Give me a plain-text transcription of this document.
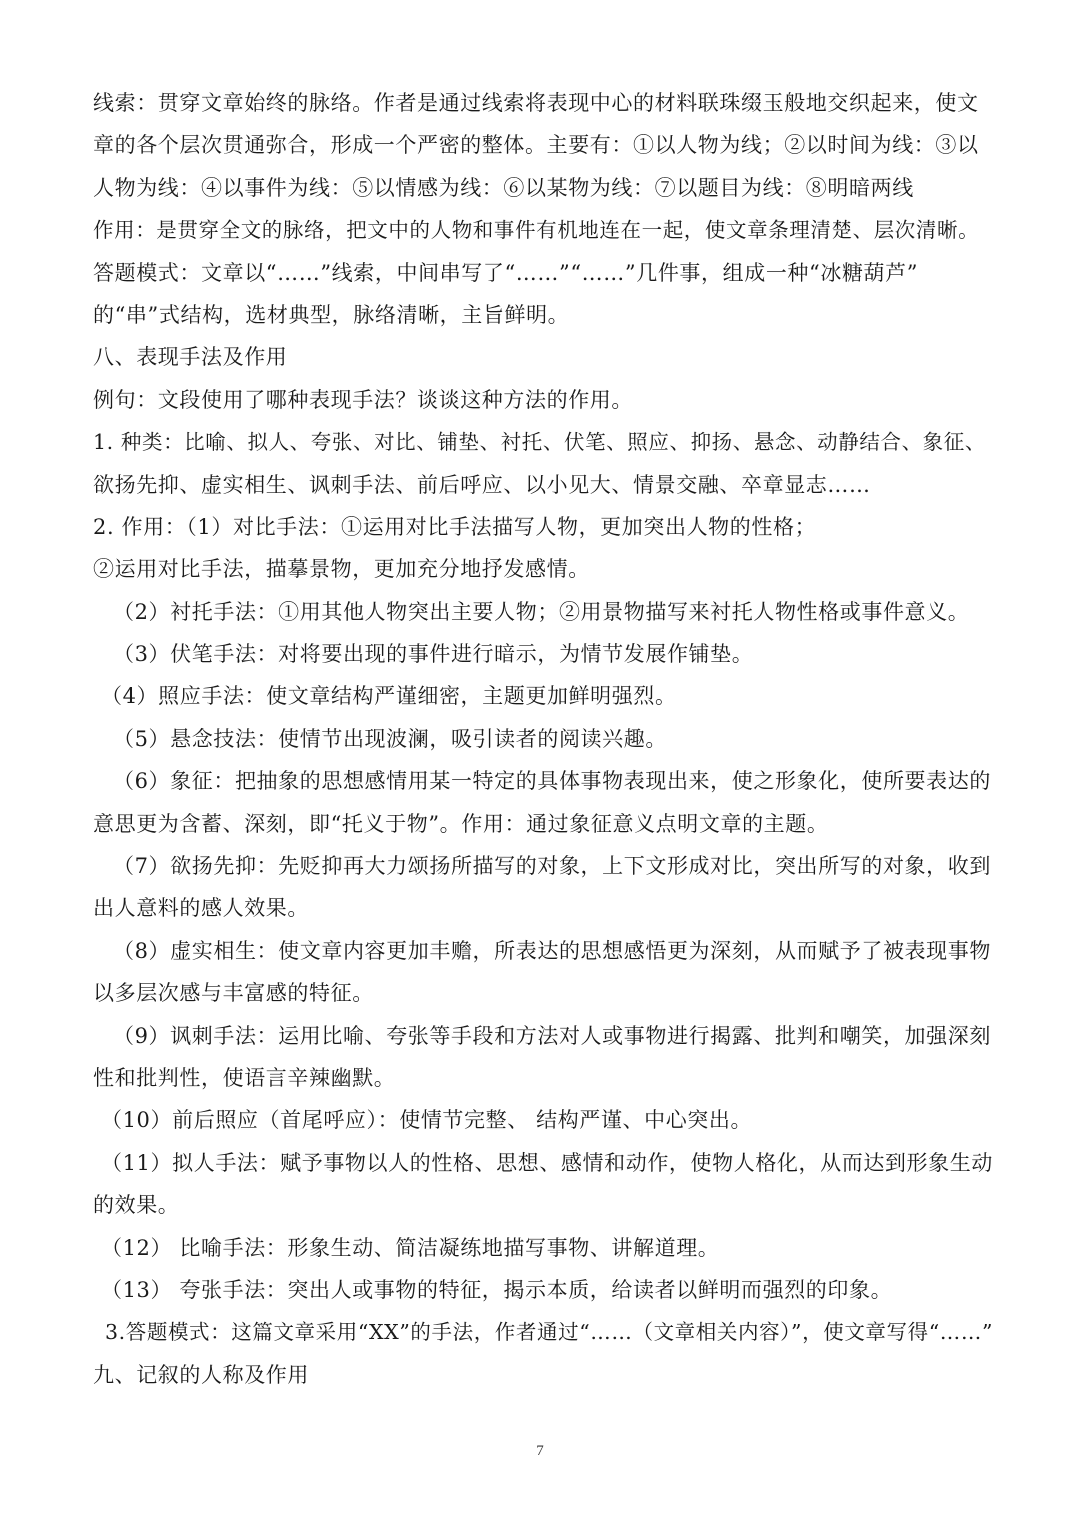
线索：贯穿文章始终的脉络。作者是通过线索将表现中心的材料联珠缀玉般地交织起来，使文
章的各个层次贯通弥合，形成一个严密的整体。主要有：①以人物为线；②以时间为线：③以
人物为线：④以事件为线：⑤以情感为线：⑥以某物为线：⑦以题目为线：⑧明暗两线
作用：是贯穿全文的脉络，把文中的人物和事件有机地连在一起，使文章条理清楚、层次清晰。
答题模式：文章以“……”线索，中间串写了“……”“……”几件事，组成一种“冰糖葫芦”
的“串”式结构，选材典型，脉络清晰，主旨鲜明。
八、表现手法及作用
例句：文段使用了哪种表现手法？谈谈这种方法的作用。
1. 种类：比喻、拟人、夸张、对比、铺垫、衬托、伏笔、照应、抑扬、悬念、动静结合、象征、
欲扬先抑、虚实相生、讽刺手法、前后呼应、以小见大、情景交融、卒章显志……
2. 作用：（1）对比手法：①运用对比手法描写人物，更加突出人物的性格；
②运用对比手法，描摹景物，更加充分地抒发感情。
（2）衬托手法：①用其他人物突出主要人物；②用景物描写来衬托人物性格或事件意义。
（3）伏笔手法：对将要出现的事件进行暗示，为情节发展作铺垫。
（4）照应手法：使文章结构严谨细密，主题更加鲜明强烈。
（5）悬念技法：使情节出现波澜，吸引读者的阅读兴趣。
（6）象征：把抽象的思想感情用某一特定的具体事物表现出来，使之形象化，使所要表达的
意思更为含蓄、深刻，即“托义于物”。作用：通过象征意义点明文章的主题。
（7）欲扬先抑：先贬抑再大力颂扬所描写的对象，上下文形成对比，突出所写的对象，收到
出人意料的感人效果。
（8）虚实相生：使文章内容更加丰赡，所表达的思想感悟更为深刻，从而赋予了被表现事物
以多层次感与丰富感的特征。
（9）讽刺手法：运用比喻、夸张等手段和方法对人或事物进行揭露、批判和嘲笑，加强深刻
性和批判性，使语言辛辣幽默。
（10）前后照应（首尾呼应）：使情节完整、 结构严谨、中心突出。
（11）拟人手法：赋予事物以人的性格、思想、感情和动作，使物人格化，从而达到形象生动
的效果。
（12） 比喻手法：形象生动、简洁凝练地描写事物、讲解道理。
（13） 夸张手法：突出人或事物的特征，揭示本质，给读者以鲜明而强烈的印象。
3.答题模式：这篇文章采用“XX”的手法，作者通过“……（文章相关内容）”，使文章写得“……”
九、记叙的人称及作用
7
